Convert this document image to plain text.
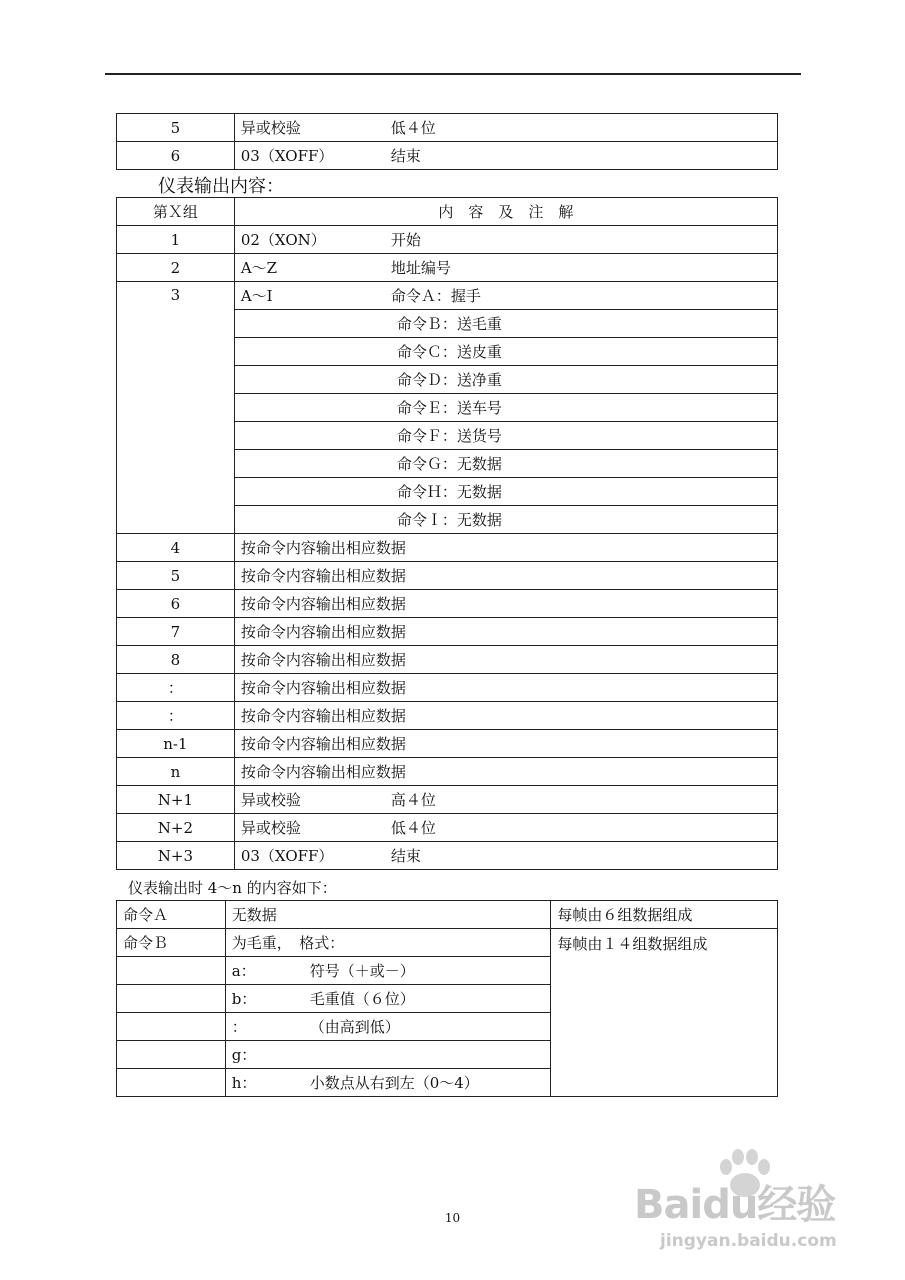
5	异或校验 低４位
6	03（XOFF） 结束
仪表输出内容：
第Ｘ组	内　容　及　注　解
1	02（XON） 开始
2	A～Z 地址编号
3	A～I 命令Ａ：握手
	命令Ｂ：送毛重
	命令Ｃ：送皮重
	命令Ｄ：送净重
	命令Ｅ：送车号
	命令Ｆ：送货号
	命令Ｇ：无数据
	命令Ｈ：无数据
	命令Ｉ：无数据
4	按命令内容输出相应数据
5	按命令内容输出相应数据
6	按命令内容输出相应数据
7	按命令内容输出相应数据
8	按命令内容输出相应数据
：	按命令内容输出相应数据
：	按命令内容输出相应数据
n-1	按命令内容输出相应数据
n	按命令内容输出相应数据
N+1	异或校验 高４位
N+2	异或校验 低４位
N+3	03（XOFF） 结束
仪表输出时 4～n 的内容如下：
命令Ａ	无数据	每帧由６组数据组成
命令Ｂ	为毛重，　格式：	每帧由１４组数据组成
	a： 符号（＋或－）	
	b： 毛重值（６位）	
	： （由高到低）	
	g：	
	h： 小数点从右到左（0～4）	
10	Baidu经验
jingyan.baidu.com
